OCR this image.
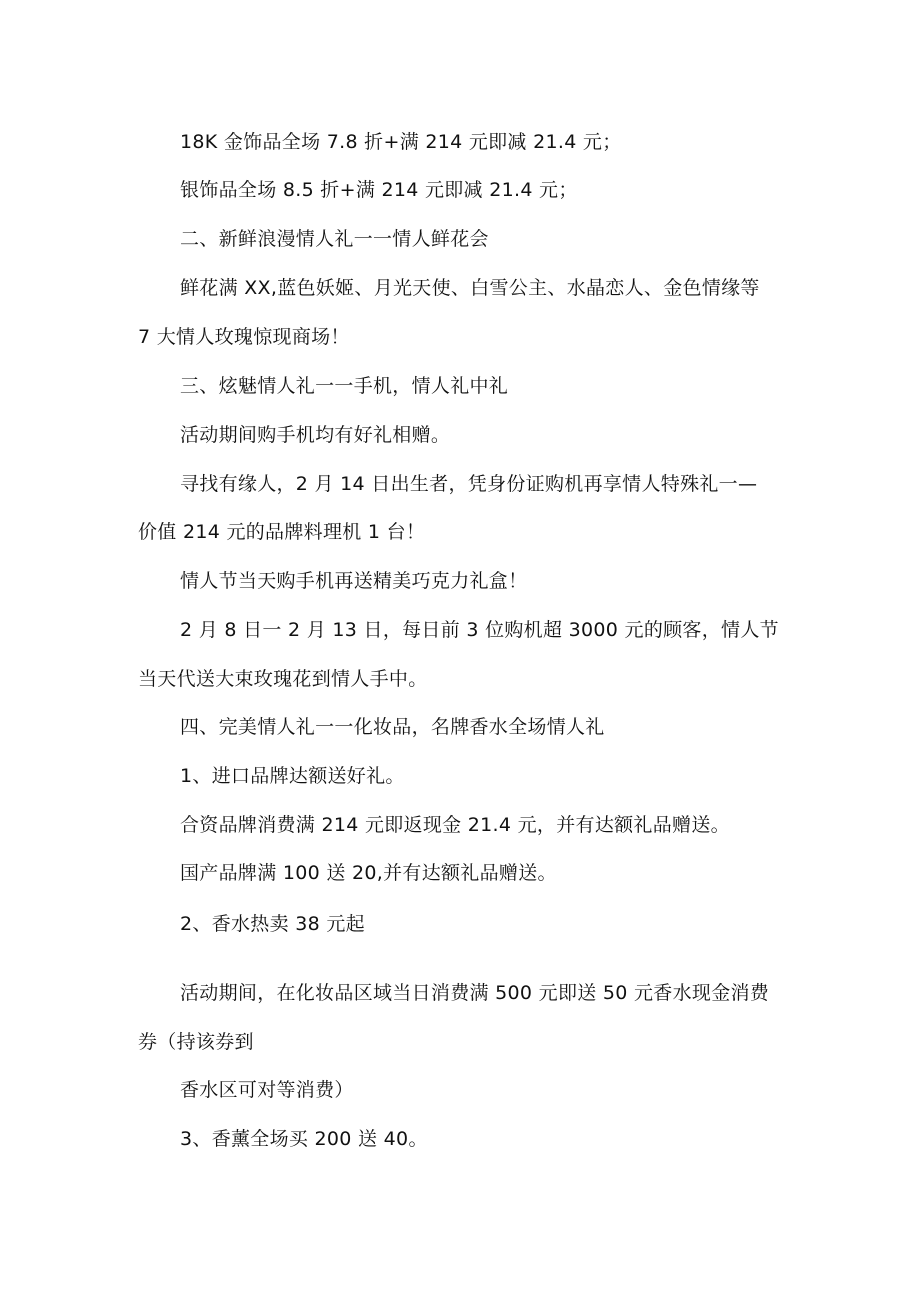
18K 金饰品全场 7.8 折+满 214 元即减 21.4 元；
银饰品全场 8.5 折+满 214 元即减 21.4 元；
二、新鲜浪漫情人礼一一情人鲜花会
鲜花满 XX,蓝色妖姬、月光天使、白雪公主、水晶恋人、金色情缘等
7 大情人玫瑰惊现商场！
三、炫魅情人礼一一手机，情人礼中礼
活动期间购手机均有好礼相赠。
寻找有缘人，2 月 14 日出生者，凭身份证购机再享情人特殊礼一—
价值 214 元的品牌料理机 1 台！
情人节当天购手机再送精美巧克力礼盒！
2 月 8 日一 2 月 13 日，每日前 3 位购机超 3000 元的顾客，情人节
当天代送大束玫瑰花到情人手中。
四、完美情人礼一一化妆品，名牌香水全场情人礼
1、进口品牌达额送好礼。
合资品牌消费满 214 元即返现金 21.4 元，并有达额礼品赠送。
国产品牌满 100 送 20,并有达额礼品赠送。
2、香水热卖 38 元起
活动期间，在化妆品区域当日消费满 500 元即送 50 元香水现金消费
券（持该券到
香水区可对等消费）
3、香薰全场买 200 送 40。
